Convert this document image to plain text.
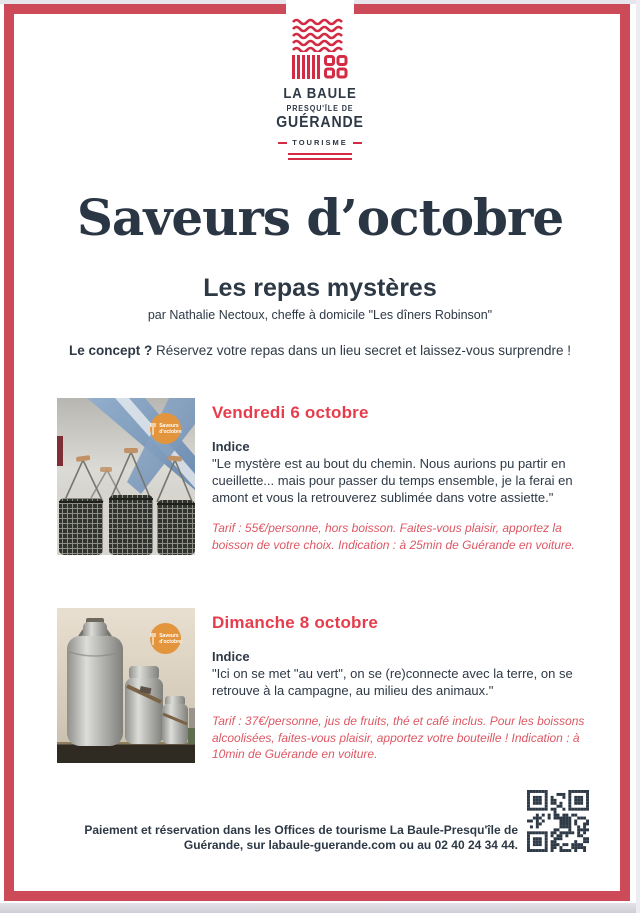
LA BAULE
PRESQU'ÎLE DE
GUÉRANDE
TOURISME
Saveurs d’octobre
Les repas mystères

par Nathalie Nectoux, cheffe à domicile "Les dîners Robinson"

Le concept ? Réservez votre repas dans un lieu secret et laissez-vous surprendre !

Saveurs
d'octobre
Vendredi 6 octobre
Indice

"Le mystère est au bout du chemin. Nous aurions pu partir en cueillette... mais pour passer du temps ensemble, je la ferai en amont et vous la retrouverez sublimée dans votre assiette."

Tarif : 55€/personne, hors boisson. Faites-vous plaisir, apportez la boisson de votre choix. Indication : à 25min de Guérande en voiture.

Saveurs
d'octobre
Dimanche 8 octobre
Indice

"Ici on se met "au vert", on se (re)connecte avec la terre, on se retrouve à la campagne, au milieu des animaux."

Tarif : 37€/personne, jus de fruits, thé et café inclus. Pour les boissons alcoolisées, faites-vous plaisir, apportez votre bouteille ! Indication : à 10min de Guérande en voiture.

Paiement et réservation dans les Offices de tourisme La Baule-Presqu'île de Guérande, sur labaule-guerande.com ou au 02 40 24 34 44.
